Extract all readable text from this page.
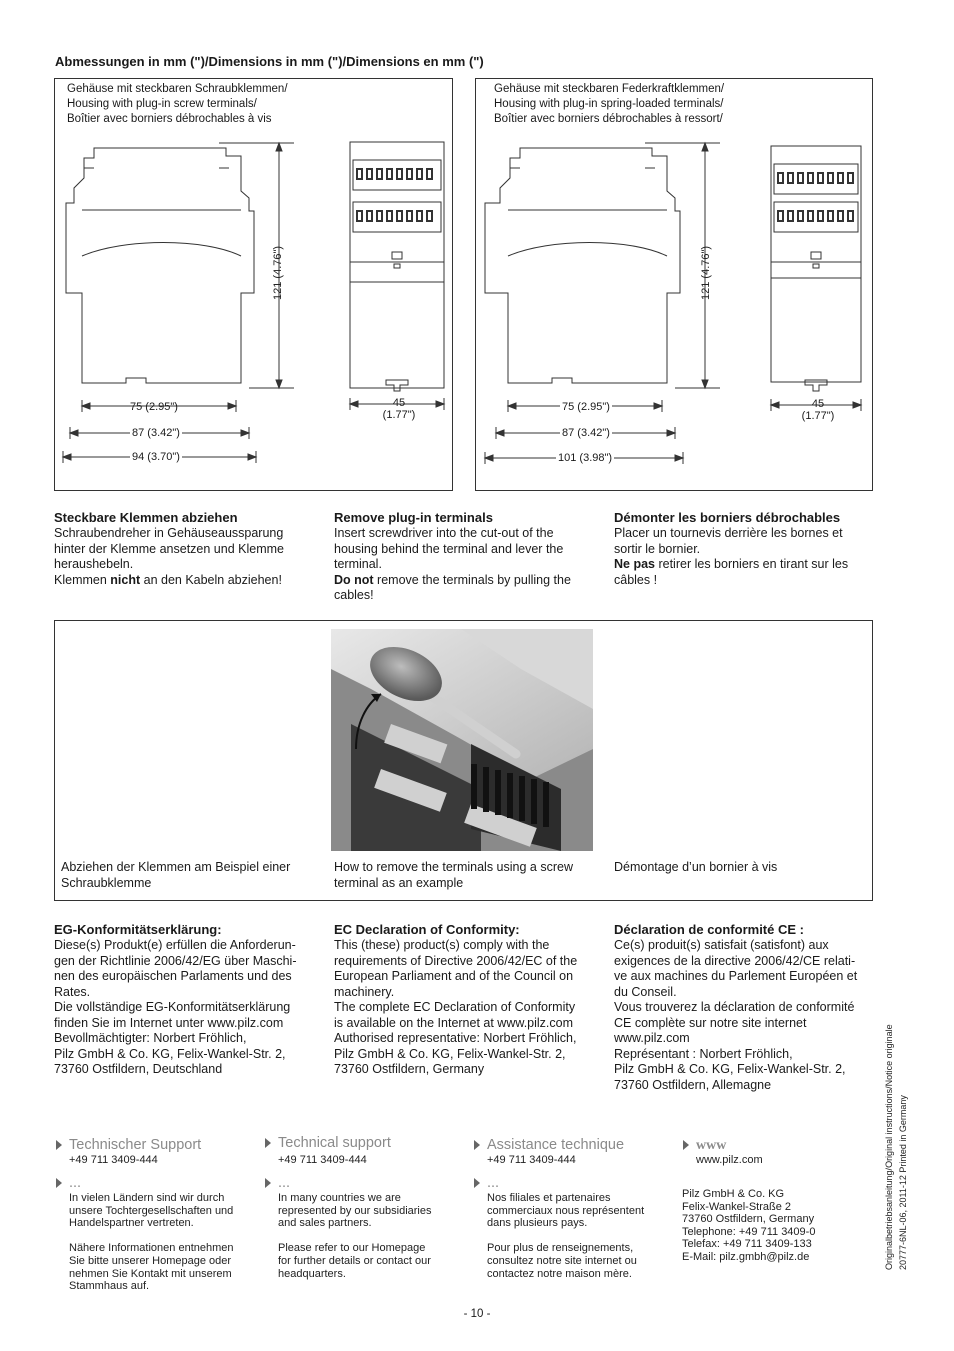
Abmessungen in mm (")/Dimensions in mm (")/Dimensions en mm (")
Gehäuse mit steckbaren Schraubklemmen/
Housing with plug-in screw terminals/
Boîtier avec borniers débrochables à vis
121 (4.76")
75 (2.95")
87 (3.42")
94 (3.70")
45
(1.77")
Gehäuse mit steckbaren Federkraftklemmen/
Housing with plug-in spring-loaded terminals/
Boîtier avec borniers débrochables à ressort/
121 (4.76")
75 (2.95")
87 (3.42")
101 (3.98")
45
(1.77")
Steckbare Klemmen abziehen
Schraubendreher in Gehäuseaussparung
hinter der Klemme ansetzen und Klemme
heraushebeln.
Klemmen nicht an den Kabeln abziehen!
Remove plug-in terminals
Insert screwdriver into the cut-out of the
housing behind the terminal and lever the
terminal.
Do not remove the terminals by pulling the
cables!
Démonter les borniers débrochables
Placer un tournevis derrière les bornes et
sortir le bornier.
Ne pas retirer les borniers en tirant sur les
câbles !
Abziehen der Klemmen am Beispiel einer
Schraubklemme
How to remove the terminals using a screw
terminal as an example
Démontage d’un bornier à vis
EG-Konformitätserklärung:
Diese(s) Produkt(e) erfüllen die Anforderun-
gen der Richtlinie 2006/42/EG über Maschi-
nen des europäischen Parlaments und des
Rates.
Die vollständige EG-Konformitätserklärung
finden Sie im Internet unter www.pilz.com
Bevollmächtigter: Norbert Fröhlich,
Pilz GmbH & Co. KG, Felix-Wankel-Str. 2,
73760 Ostfildern, Deutschland
EC Declaration of Conformity:
This (these) product(s) comply with the
requirements of Directive 2006/42/EC of the
European Parliament and of the Council on
machinery.
The complete EC Declaration of Conformity
is available on the Internet at www.pilz.com
Authorised representative: Norbert Fröhlich,
Pilz GmbH & Co. KG, Felix-Wankel-Str. 2,
73760 Ostfildern, Germany
Déclaration de conformité CE :
Ce(s) produit(s) satisfait (satisfont) aux
exigences de la directive 2006/42/CE relati-
ve aux machines du Parlement Européen et
du Conseil.
Vous trouverez la déclaration de conformité
CE complète sur notre site internet
www.pilz.com
Représentant : Norbert Fröhlich,
Pilz GmbH & Co. KG, Felix-Wankel-Str. 2,
73760 Ostfildern, Allemagne	Originalbetriebsanleitung/Original instructions/Notice originale 20777-6NL-06, 2011-12 Printed in Germany
Technischer Support
+49 711 3409-444
...
In vielen Ländern sind wir durch
unsere Tochtergesellschaften und
Handelspartner vertreten.

Nähere Informationen entnehmen
Sie bitte unserer Homepage oder
nehmen Sie Kontakt mit unserem
Stammhaus auf.
Technical support
+49 711 3409-444
...
In many countries we are
represented by our subsidiaries
and sales partners.

Please refer to our Homepage
for further details or contact our
headquarters.
Assistance technique
+49 711 3409-444
...
Nos filiales et partenaires
commerciaux nous représentent
dans plusieurs pays.

Pour plus de renseignements,
consultez notre site internet ou
contactez notre maison mère.
www
www.pilz.com
Pilz GmbH & Co. KG
Felix-Wankel-Straße 2
73760 Ostfildern, Germany
Telephone: +49 711 3409-0
Telefax: +49 711 3409-133
E-Mail: pilz.gmbh@pilz.de
- 10 -
